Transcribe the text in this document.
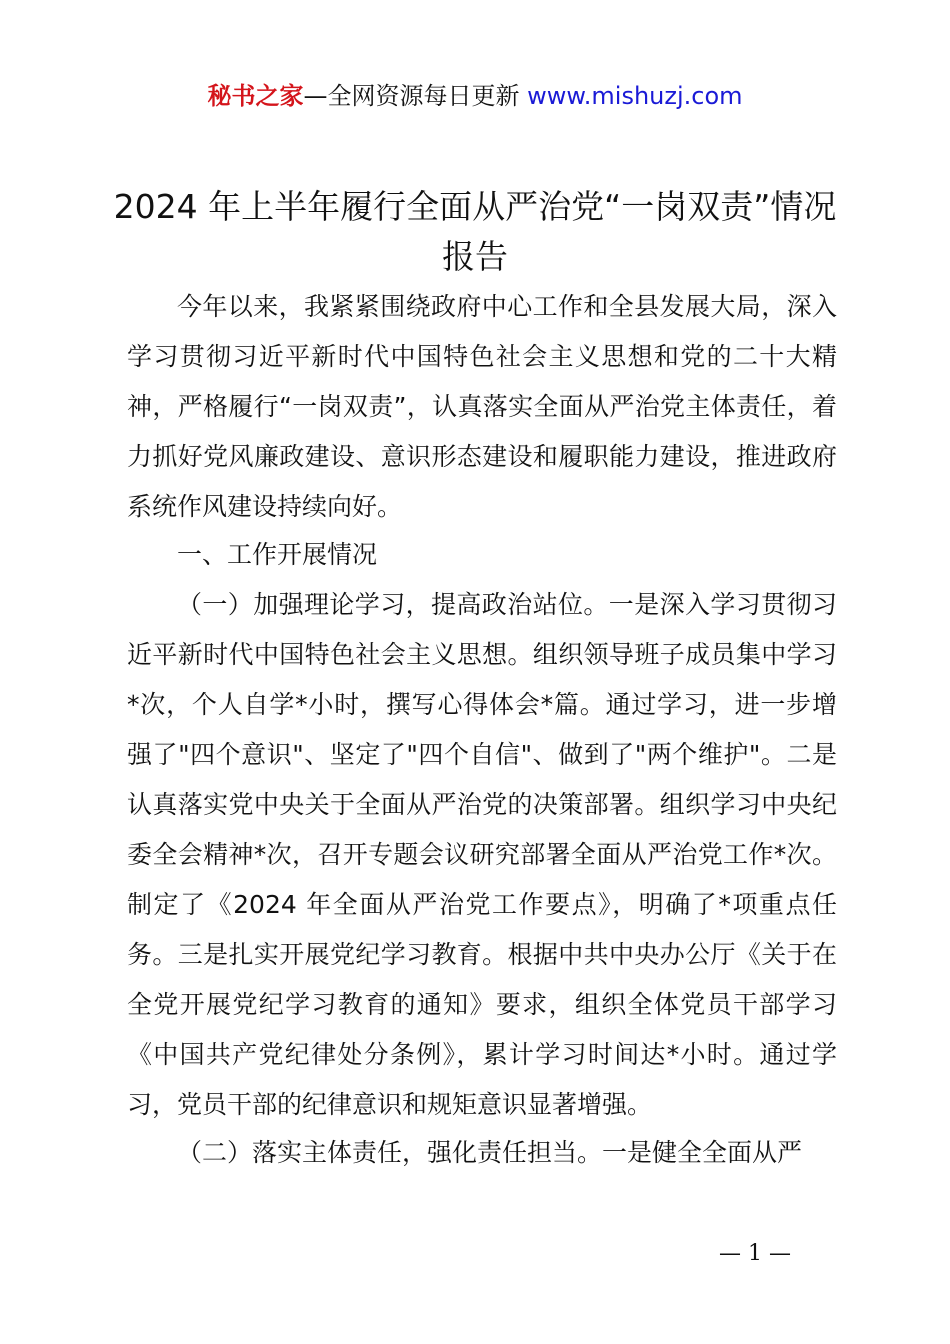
秘书之家—全网资源每日更新 www.mishuzj.com
2024 年上半年履行全面从严治党“一岗双责”情况报告

今年以来，我紧紧围绕政府中心工作和全县发展大局，深入学习贯彻习近平新时代中国特色社会主义思想和党的二十大精神，严格履行“一岗双责”，认真落实全面从严治党主体责任，着力抓好党风廉政建设、意识形态建设和履职能力建设，推进政府系统作风建设持续向好。

一、工作开展情况

（一）加强理论学习，提高政治站位。一是深入学习贯彻习近平新时代中国特色社会主义思想。组织领导班子成员集中学习*次，个人自学*小时，撰写心得体会*篇。通过学习，进一步增强了"四个意识"、坚定了"四个自信"、做到了"两个维护"。二是认真落实党中央关于全面从严治党的决策部署。组织学习中央纪委全会精神*次，召开专题会议研究部署全面从严治党工作*次。制定了《2024 年全面从严治党工作要点》，明确了*项重点任务。三是扎实开展党纪学习教育。根据中共中央办公厅《关于在全党开展党纪学习教育的通知》要求，组织全体党员干部学习《中国共产党纪律处分条例》，累计学习时间达*小时。通过学习，党员干部的纪律意识和规矩意识显著增强。

（二）落实主体责任，强化责任担当。一是健全全面从严

— 1 —
